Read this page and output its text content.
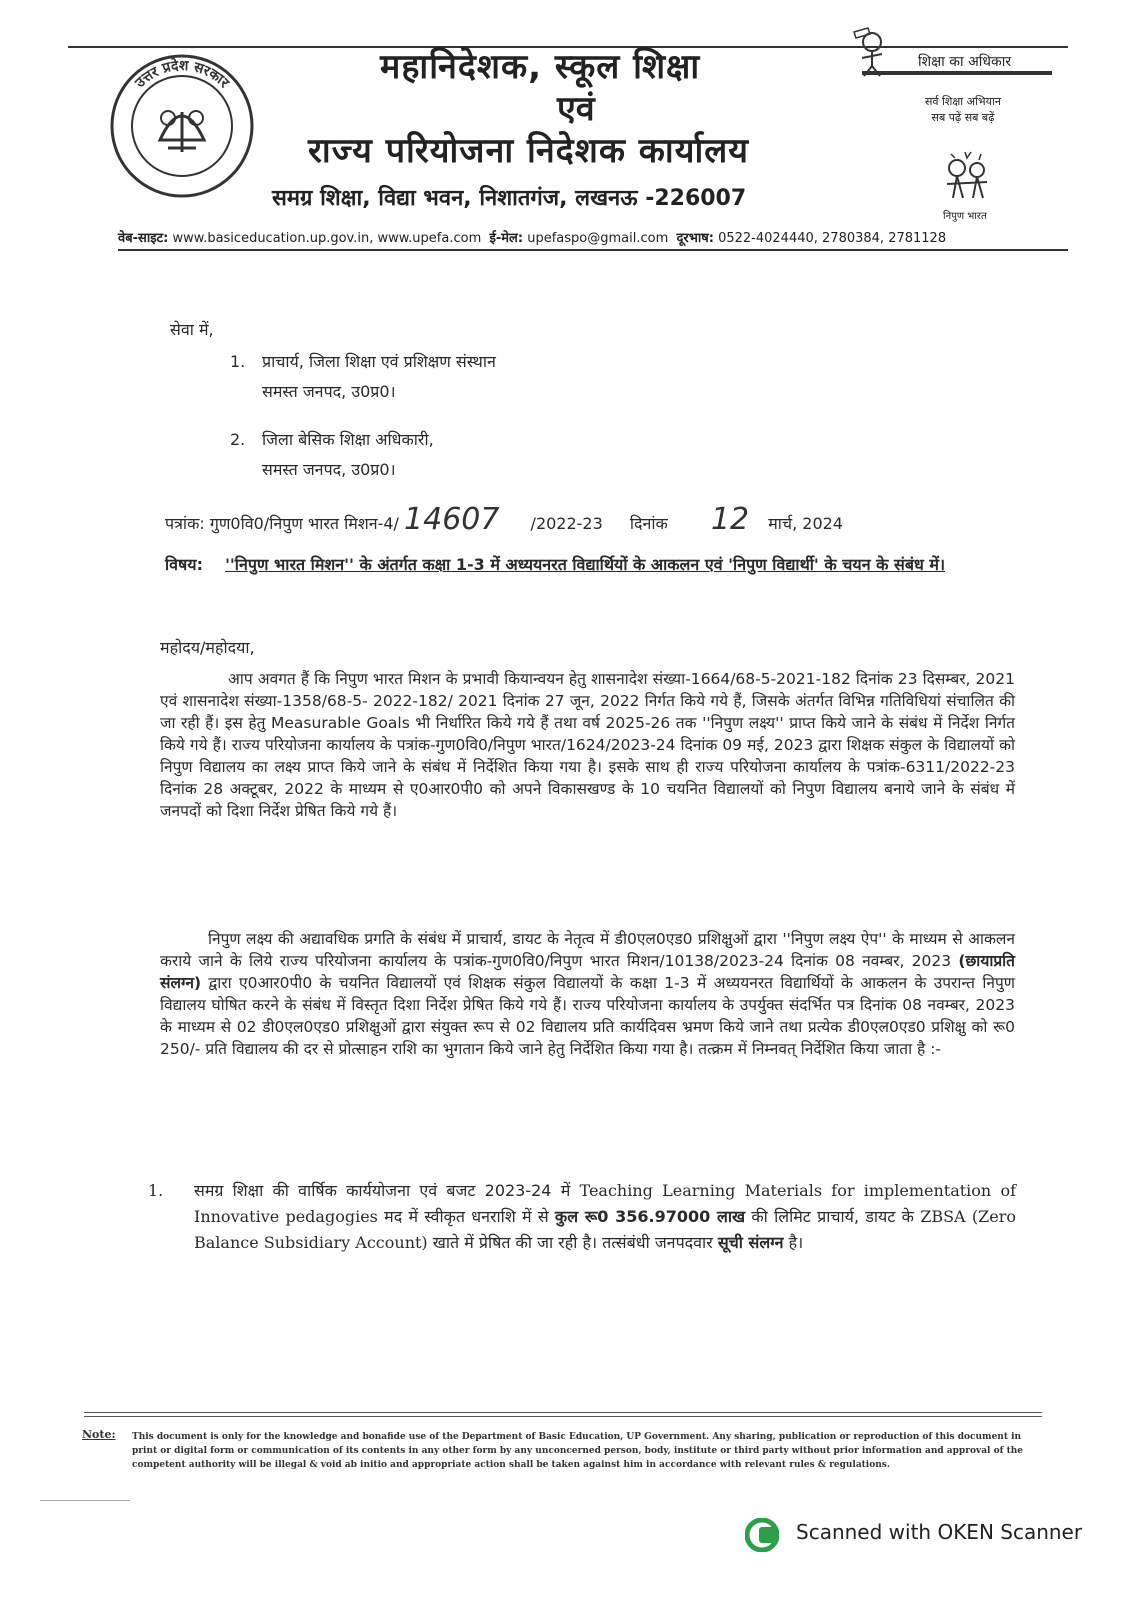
उत्तर प्रदेश सरकार	महानिदेशक, स्कूल शिक्षा
एवं
राज्य परियोजना निदेशक कार्यालय
समग्र शिक्षा, विद्या भवन, निशातगंज, लखनऊ -226007
वेब-साइट: www.basiceducation.up.gov.in, www.upefa.com ई-मेल: upefaspo@gmail.com दूरभाष: 0522-4024440, 2780384, 2781128
शिक्षा का अधिकार
सर्व शिक्षा अभियान
सब पढ़ें सब बढ़ें
निपुण भारत
सेवा में,
1. प्राचार्य, जिला शिक्षा एवं प्रशिक्षण संस्थान
समस्त जनपद, उ0प्र0।
2. जिला बेसिक शिक्षा अधिकारी,
समस्त जनपद, उ0प्र0।
पत्रांक: गुण0वि0/निपुण भारत मिशन-4/ 14607 /2022-23 दिनांक 12 मार्च, 2024
विषय: ''निपुण भारत मिशन'' के अंतर्गत कक्षा 1-3 में अध्ययनरत विद्यार्थियों के आकलन एवं 'निपुण विद्यार्थी' के चयन के संबंध में।
महोदय/महोदया,
आप अवगत हैं कि निपुण भारत मिशन के प्रभावी कियान्वयन हेतु शासनादेश संख्या-1664/68-5-2021-182 दिनांक 23 दिसम्बर, 2021 एवं शासनादेश संख्या-1358/68-5- 2022-182/ 2021 दिनांक 27 जून, 2022 निर्गत किये गये हैं, जिसके अंतर्गत विभिन्न गतिविधियां संचालित की जा रही हैं। इस हेतु Measurable Goals भी निर्धारित किये गये हैं तथा वर्ष 2025-26 तक ''निपुण लक्ष्य'' प्राप्त किये जाने के संबंध में निर्देश निर्गत किये गये हैं। राज्य परियोजना कार्यालय के पत्रांक-गुण0वि0/निपुण भारत/1624/2023-24 दिनांक 09 मई, 2023 द्वारा शिक्षक संकुल के विद्यालयों को निपुण विद्यालय का लक्ष्य प्राप्त किये जाने के संबंध में निर्देशित किया गया है। इसके साथ ही राज्य परियोजना कार्यालय के पत्रांक-6311/2022-23 दिनांक 28 अक्टूबर, 2022 के माध्यम से ए0आर0पी0 को अपने विकासखण्ड के 10 चयनित विद्यालयों को निपुण विद्यालय बनाये जाने के संबंध में जनपदों को दिशा निर्देश प्रेषित किये गये हैं।
निपुण लक्ष्य की अद्यावधिक प्रगति के संबंध में प्राचार्य, डायट के नेतृत्व में डी0एल0एड0 प्रशिक्षुओं द्वारा ''निपुण लक्ष्य ऐप'' के माध्यम से आकलन कराये जाने के लिये राज्य परियोजना कार्यालय के पत्रांक-गुण0वि0/निपुण भारत मिशन/10138/2023-24 दिनांक 08 नवम्बर, 2023 (छायाप्रति संलग्न) द्वारा ए0आर0पी0 के चयनित विद्यालयों एवं शिक्षक संकुल विद्यालयों के कक्षा 1-3 में अध्ययनरत विद्यार्थियों के आकलन के उपरान्त निपुण विद्यालय घोषित करने के संबंध में विस्तृत दिशा निर्देश प्रेषित किये गये हैं। राज्य परियोजना कार्यालय के उपर्युक्त संदर्भित पत्र दिनांक 08 नवम्बर, 2023 के माध्यम से 02 डी0एल0एड0 प्रशिक्षुओं द्वारा संयुक्त रूप से 02 विद्यालय प्रति कार्यदिवस भ्रमण किये जाने तथा प्रत्येक डी0एल0एड0 प्रशिक्षु को रू0 250/- प्रति विद्यालय की दर से प्रोत्साहन राशि का भुगतान किये जाने हेतु निर्देशित किया गया है। तत्क्रम में निम्नवत् निर्देशित किया जाता है :-
1. समग्र शिक्षा की वार्षिक कार्ययोजना एवं बजट 2023-24 में Teaching Learning Materials for implementation of Innovative pedagogies मद में स्वीकृत धनराशि में से कुल रू0 356.97000 लाख की लिमिट प्राचार्य, डायट के ZBSA (Zero Balance Subsidiary Account) खाते में प्रेषित की जा रही है। तत्संबंधी जनपदवार सूची संलग्न है।
Note: This document is only for the knowledge and bonafide use of the Department of Basic Education, UP Government. Any sharing, publication or reproduction of this document in print or digital form or communication of its contents in any other form by any unconcerned person, body, institute or third party without prior information and approval of the competent authority will be illegal & void ab initio and appropriate action shall be taken against him in accordance with relevant rules & regulations.
Scanned with OKEN Scanner
